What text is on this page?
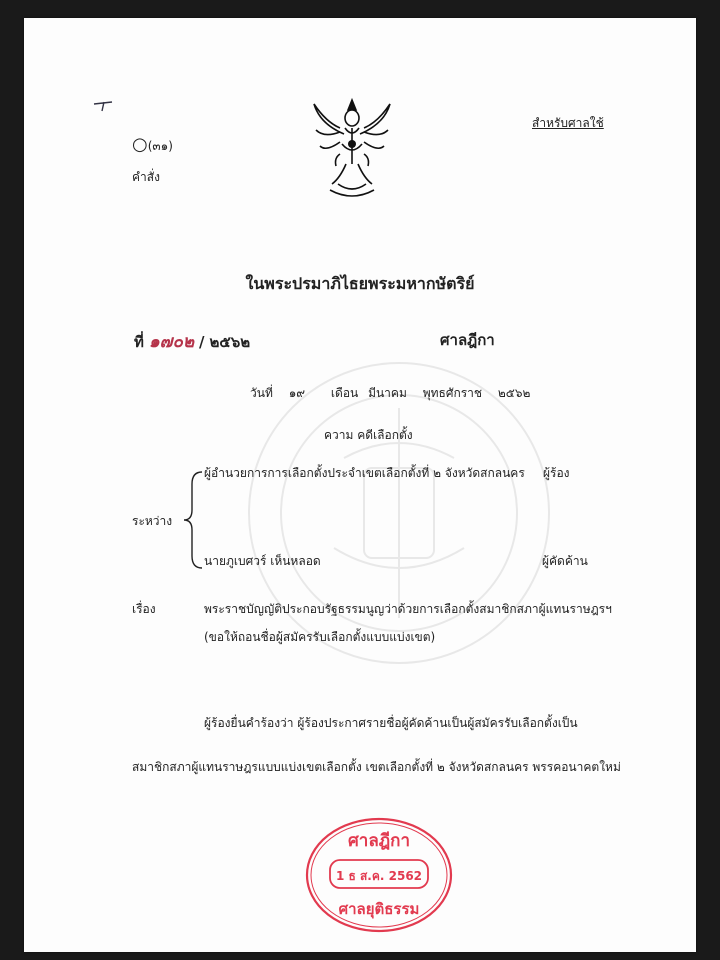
สำหรับศาลใช้
○ (๓๑)
คำสั่ง
ในพระปรมาภิไธยพระมหากษัตริย์
ที่ ๑๗๐๒ / ๒๕๖๒	ศาลฎีกา
วันที่ ๑๙ เดือน มีนาคม พุทธศักราช ๒๕๖๒
ความ คดีเลือกตั้ง
ผู้อำนวยการการเลือกตั้งประจำเขตเลือกตั้งที่ ๒ จังหวัดสกลนคร ผู้ร้อง
ระหว่าง
นายภูเบศวร์ เห็นหลอด	ผู้คัดค้าน
เรื่อง	พระราชบัญญัติประกอบรัฐธรรมนูญว่าด้วยการเลือกตั้งสมาชิกสภาผู้แทนราษฎรฯ
(ขอให้ถอนชื่อผู้สมัครรับเลือกตั้งแบบแบ่งเขต)
ผู้ร้องยื่นคำร้องว่า ผู้ร้องประกาศรายชื่อผู้คัดค้านเป็นผู้สมัครรับเลือกตั้งเป็น
สมาชิกสภาผู้แทนราษฎรแบบแบ่งเขตเลือกตั้ง เขตเลือกตั้งที่ ๒ จังหวัดสกลนคร พรรคอนาคตใหม่
ศาลฎีกา
1 ธ ส.ค. 2562
ศาลยุติธรรม
